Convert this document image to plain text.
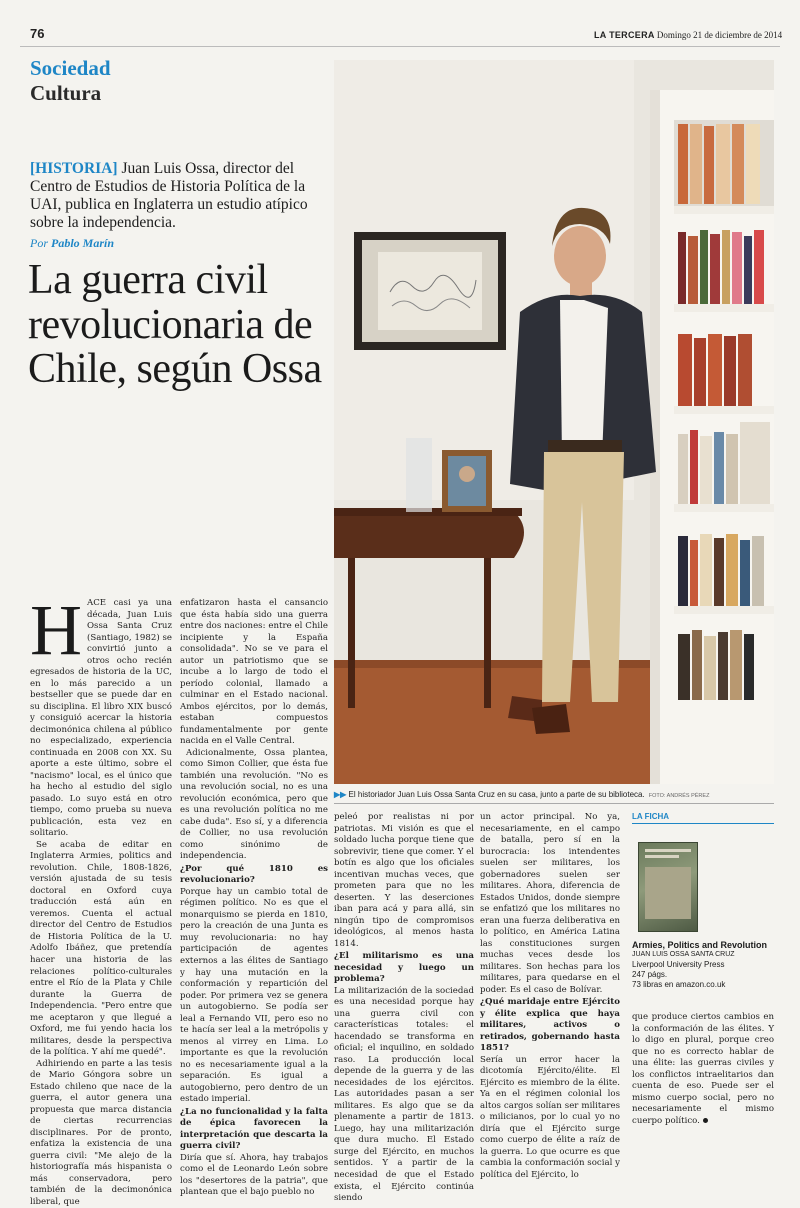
76	LA TERCERA Domingo 21 de diciembre de 2014
Sociedad
Cultura
[HISTORIA] Juan Luis Ossa, director del Centro de Estudios de Historia Política de la UAI, publica en Inglaterra un estudio atípico sobre la independencia.
Por Pablo Marín
La guerra civil revolucionaria de Chile, según Ossa
▶▶ El historiador Juan Luis Ossa Santa Cruz en su casa, junto a parte de su biblioteca. FOTO: ANDRÉS PÉREZ
H ACE casi ya una década, Juan Luis Ossa Santa Cruz (Santiago, 1982) se convirtió junto a otros ocho recién egresados de historia de la UC, en lo más parecido a un bestseller que se puede dar en su disciplina. El libro XIX buscó y consiguió acercar la historia decimonónica chilena al público no especializado, experiencia continuada en 2008 con XX. Su aporte a este último, sobre el "nacismo" local, es el único que ha hecho al estudio del siglo pasado. Lo suyo está en otro tiempo, como prueba su nueva publicación, esta vez en solitario.

Se acaba de editar en Inglaterra Armies, politics and revolution. Chile, 1808-1826, versión ajustada de su tesis doctoral en Oxford cuya traducción está aún en veremos. Cuenta el actual director del Centro de Estudios de Historia Política de la U. Adolfo Ibáñez, que pretendía hacer una historia de las relaciones político-culturales entre el Río de la Plata y Chile durante la Guerra de Independencia. "Pero entre que me aceptaron y que llegué a Oxford, me fui yendo hacia los militares, desde la perspectiva de la política. Y ahí me quedé".

Adhiriendo en parte a las tesis de Mario Góngora sobre un Estado chileno que nace de la guerra, el autor genera una propuesta que marca distancia de ciertas recurrencias disciplinares. Por de pronto, enfatiza la existencia de una guerra civil: "Me alejo de la historiografía más hispanista o más conservadora, pero también de la decimonónica liberal, que

enfatizaron hasta el cansancio que ésta había sido una guerra entre dos naciones: entre el Chile incipiente y la España consolidada". No se ve para el autor un patriotismo que se incube a lo largo de todo el período colonial, llamado a culminar en el Estado nacional. Ambos ejércitos, por lo demás, estaban compuestos fundamentalmente por gente nacida en el Valle Central.

Adicionalmente, Ossa plantea, como Simon Collier, que ésta fue también una revolución. "No es una revolución social, no es una revolución económica, pero que es una revolución política no me cabe duda". Eso sí, y a diferencia de Collier, no usa revolución como sinónimo de independencia.

¿Por qué 1810 es revolucionario?

Porque hay un cambio total de régimen político. No es que el monarquismo se pierda en 1810, pero la creación de una Junta es muy revolucionaria: no hay participación de agentes externos a las élites de Santiago y hay una mutación en la conformación y repartición del poder. Por primera vez se genera un autogobierno. Se podía ser leal a Fernando VII, pero eso no te hacía ser leal a la metrópolis y menos al virrey en Lima. Lo importante es que la revolución no es necesariamente igual a la separación. Es igual a autogobierno, pero dentro de un estado imperial.

¿La no funcionalidad y la falta de épica favorecen la interpretación que descarta la guerra civil?

Diría que sí. Ahora, hay trabajos como el de Leonardo León sobre los "desertores de la patria", que plantean que el bajo pueblo no

peleó por realistas ni por patriotas. Mi visión es que el soldado lucha porque tiene que sobrevivir, tiene que comer. Y el botín es algo que los oficiales incentivan muchas veces, que prometen para que no les deserten. Y las deserciones iban para acá y para allá, sin ningún tipo de compromisos ideológicos, al menos hasta 1814.

¿El militarismo es una necesidad y luego un problema?

La militarización de la sociedad es una necesidad porque hay una guerra civil con características totales: el hacendado se transforma en oficial; el inquilino, en soldado raso. La producción local depende de la guerra y de las necesidades de los ejércitos. Las autoridades pasan a ser militares. Es algo que se da plenamente a partir de 1813. Luego, hay una militarización que dura mucho. El Estado surge del Ejército, en muchos sentidos. Y a partir de la necesidad de que el Estado exista, el Ejército continúa siendo

un actor principal. No ya, necesariamente, en el campo de batalla, pero sí en la burocracia: los intendentes suelen ser militares, los gobernadores suelen ser militares. Ahora, diferencia de Estados Unidos, donde siempre se enfatizó que los militares no eran una fuerza deliberativa en lo político, en América Latina las constituciones surgen muchas veces desde los militares. Son hechas para los militares, para quedarse en el poder. Es el caso de Bolívar.

¿Qué maridaje entre Ejército y élite explica que haya militares, activos o retirados, gobernando hasta 1851?

Sería un error hacer la dicotomía Ejército/élite. El Ejército es miembro de la élite. Ya en el régimen colonial los altos cargos solían ser militares o milicianos, por lo cual yo no diría que el Ejército surge como cuerpo de élite a raíz de la guerra. Lo que ocurre es que cambia la conformación social y política del Ejército, lo

LA FICHA
Armies, Politics and Revolution
JUAN LUIS OSSA SANTA CRUZ
Liverpool University Press
247 págs.
73 libras en amazon.co.uk

que produce ciertos cambios en la conformación de las élites. Y lo digo en plural, porque creo que no es correcto hablar de una élite: las guerras civiles y los conflictos intraelitarios dan cuenta de eso. Puede ser el mismo cuerpo social, pero no necesariamente el mismo cuerpo político.
